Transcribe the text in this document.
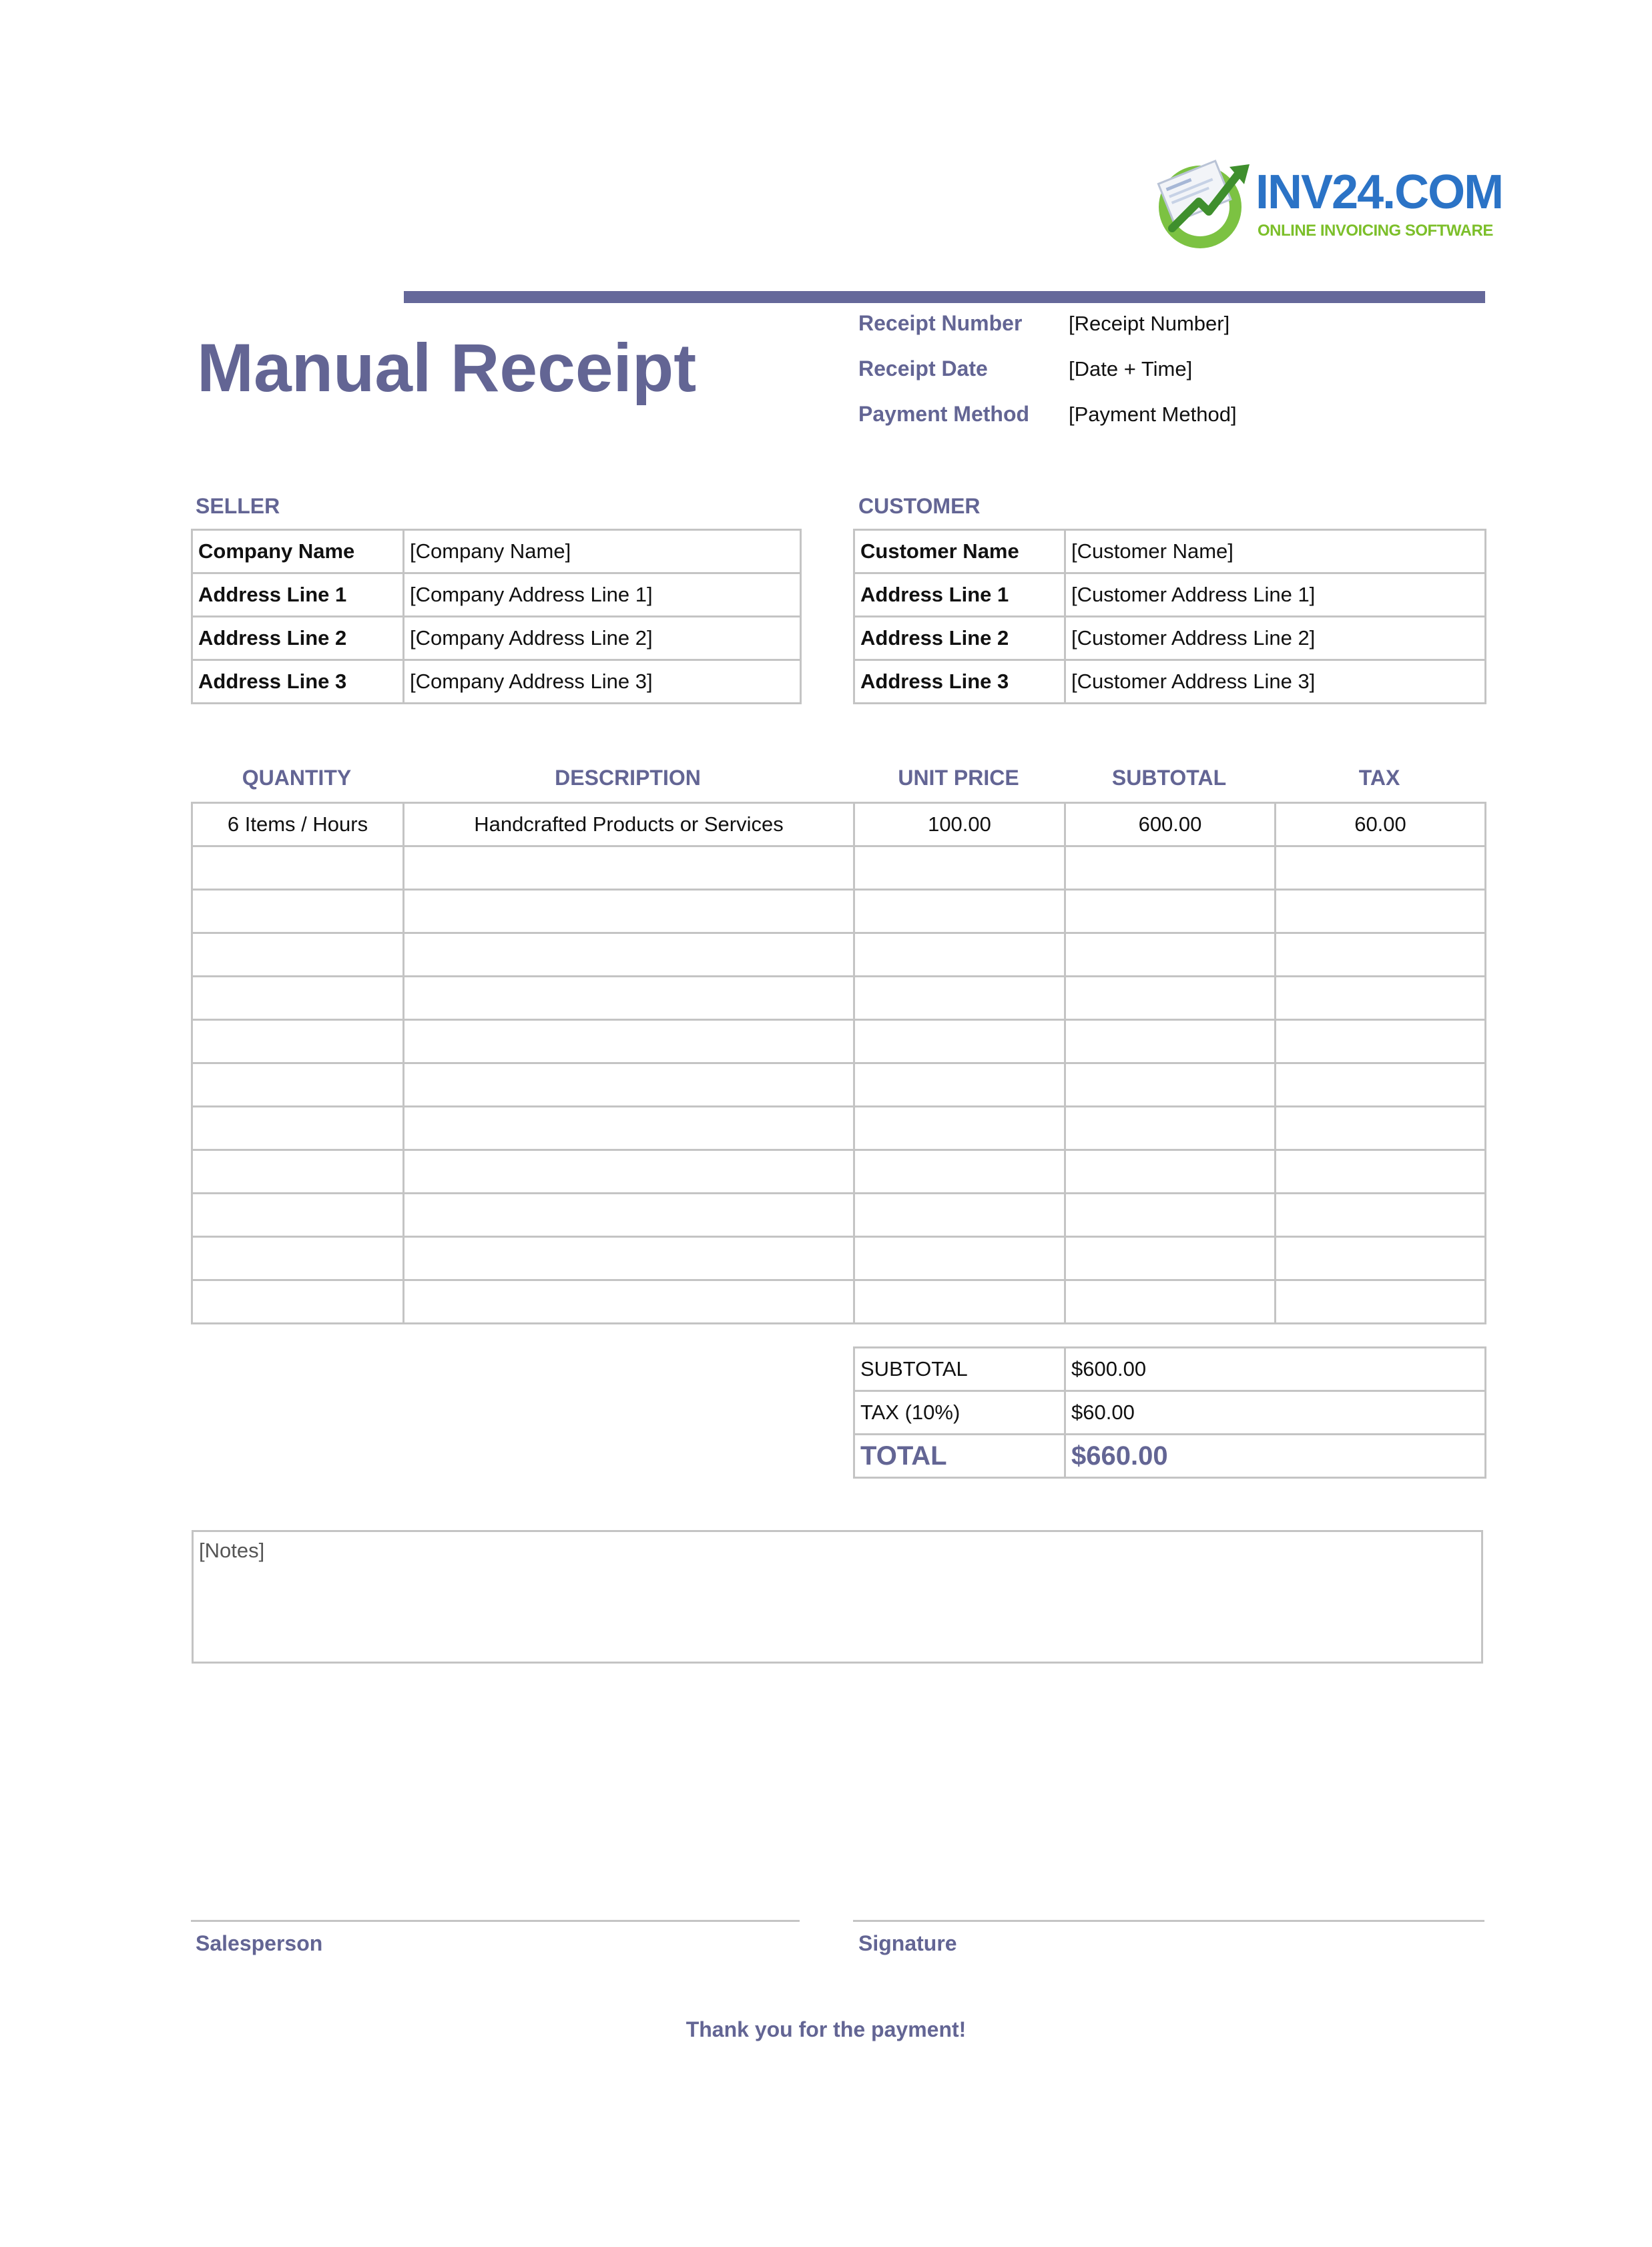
INV24.COM
ONLINE INVOICING SOFTWARE
Manual Receipt
Receipt Number [Receipt Number]
Receipt Date	[Date + Time]
Payment Method [Payment Method]
SELLER
Company Name	[Company Name]
Address Line 1	[Company Address Line 1]
Address Line 2	[Company Address Line 2]
Address Line 3	[Company Address Line 3]
CUSTOMER
Customer Name	[Customer Name]
Address Line 1	[Customer Address Line 1]
Address Line 2	[Customer Address Line 2]
Address Line 3	[Customer Address Line 3]
QUANTITY	DESCRIPTION	UNIT PRICE	SUBTOTAL	TAX
6 Items / Hours	Handcrafted Products or Services	100.00	600.00	60.00

SUBTOTAL	$600.00
TAX (10%)	$60.00
TOTAL	$660.00
[Notes]
Salesperson	Signature
Thank you for the payment!
